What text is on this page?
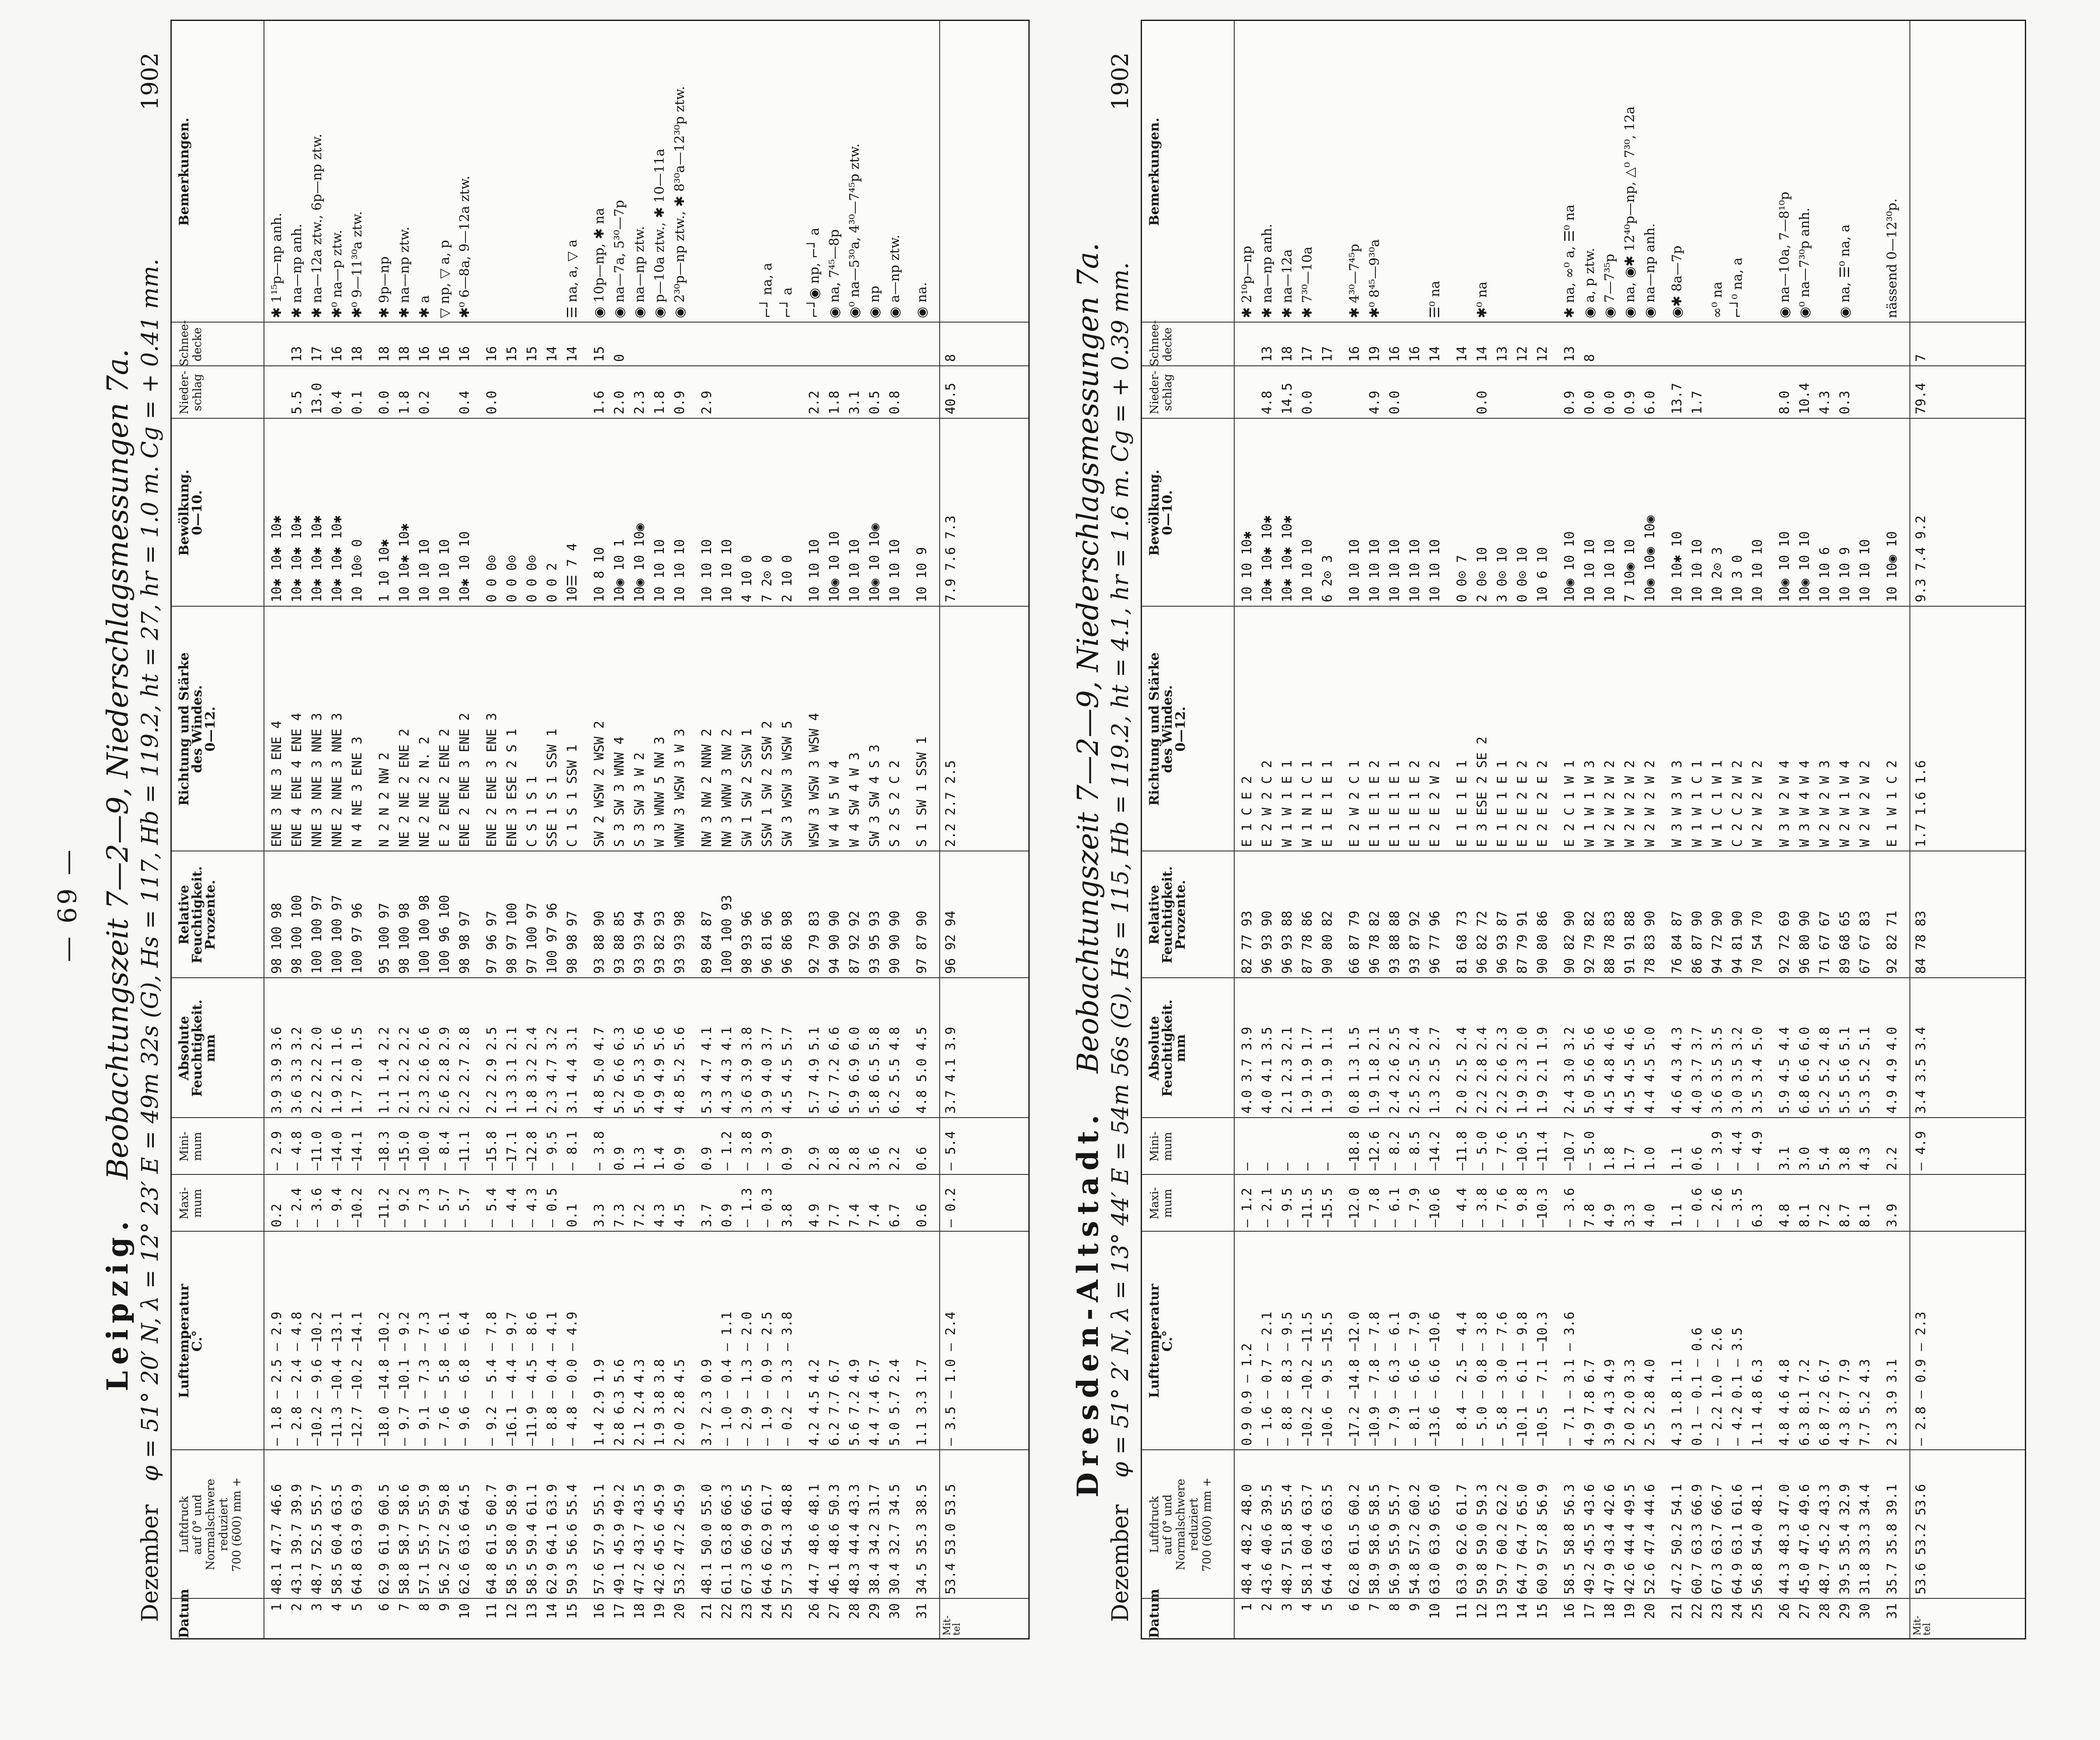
— 69 —
Leipzig. Beobachtungszeit 7—2—9, Niederschlagsmessungen 7a.
Dezember
φ = 51° 20′ N, λ = 12° 23′ E = 49m 32s (G), Hs = 117, Hb = 119.2, ht = 27, hr = 1.0 m. Cg = + 0.41 mm.
1902
Datum
Luftdruck
auf 0° und
Normalschwere
reduziert
700 (600) mm +
Lufttemperatur
C.°
Maxi-
mum
Mini-
mum
Absolute
Feuchtigkeit.
mm
Relative
Feuchtigkeit.
Prozente.
Richtung und Stärke
des Windes.
0—12.
Bewölkung.
0—10.
Nieder-
schlag
Schnee-
decke
Bemerkungen.
1
48.1 47.7 46.6
— 1.8 — 2.5 — 2.9
0.2
— 2.9
3.9 3.9 3.6
98 100 98
ENE 3 NE 3 ENE 4
10✱ 10✱ 10✱
✱ 1¹⁵p—np anh.
2
43.1 39.7 39.9
— 2.8 — 2.4 — 4.8
— 2.4
— 4.8
3.6 3.3 3.2
98 100 100
ENE 4 ENE 4 ENE 4
10✱ 10✱ 10✱
5.5
13
✱ na—np anh.
3
48.7 52.5 55.7
—10.2 — 9.6 —10.2
— 3.6
—11.0
2.2 2.2 2.0
100 100 97
NNE 3 NNE 3 NNE 3
10✱ 10✱ 10✱
13.0
17
✱ na—12a ztw., 6p—np ztw.
4
58.5 60.4 63.5
—11.3 —10.4 —13.1
— 9.4
—14.0
1.9 2.1 1.6
100 100 97
NNE 2 NNE 3 NNE 3
10✱ 10✱ 10✱
0.4
16
✱⁰ na—p ztw.
5
64.8 63.9 63.9
—12.7 —10.2 —14.1
—10.2
—14.1
1.7 2.0 1.5
100 97 96
N 4 NE 3 ENE 3
10 10⊙ 0
0.1
18
✱⁰ 9—11³⁰a ztw.
6
62.9 61.9 60.5
—18.0 —14.8 —10.2
—11.2
—18.3
1.1 1.4 2.2
95 100 97
N 2 N 2 NW 2
1 10 10✱
0.0
18
✱ 9p—np
7
58.8 58.7 58.6
— 9.7 —10.1 — 9.2
— 9.2
—15.0
2.1 2.2 2.2
98 100 98
NE 2 NE 2 ENE 2
10 10✱ 10✱
1.8
18
✱ na—np ztw.
8
57.1 55.7 55.9
— 9.1 — 7.3 — 7.3
— 7.3
—10.0
2.3 2.6 2.6
100 100 98
NE 2 NE 2 N. 2
10 10 10
0.2
16
✱ a
9
56.2 57.2 59.8
— 7.6 — 5.8 — 6.1
— 5.7
— 8.4
2.6 2.8 2.9
100 96 100
E 2 ENE 2 ENE 2
10 10 10
16
▽ np, ▽ a, p
10
62.6 63.6 64.5
— 9.6 — 6.8 — 6.4
— 5.7
—11.1
2.2 2.7 2.8
98 98 97
ENE 2 ENE 3 ENE 2
10✱ 10 10
0.4
16
✱⁰ 6—8a, 9—12a ztw.
11
64.8 61.5 60.7
— 9.2 — 5.4 — 7.8
— 5.4
—15.8
2.2 2.9 2.5
97 96 97
ENE 2 ENE 3 ENE 3
0 0 0⊙
0.0
16
12
58.5 58.0 58.9
—16.1 — 4.4 — 9.7
— 4.4
—17.1
1.3 3.1 2.1
98 97 100
ENE 3 ESE 2 S 1
0 0 0⊙
15
13
58.5 59.4 61.1
—11.9 — 4.5 — 8.6
— 4.3
—12.8
1.8 3.2 2.4
97 100 97
C S 1 S 1
0 0 0⊙
15
14
62.9 64.1 63.9
— 8.8 — 0.4 — 4.1
— 0.5
— 9.5
2.3 4.7 3.2
100 97 96
SSE 1 S 1 SSW 1
0 0 2
14
15
59.3 56.6 55.4
— 4.8 — 0.0 — 4.9
0.1
— 8.1
3.1 4.4 3.1
98 98 97
C 1 S 1 SSW 1
10☰ 7 4
14
☰ na, a, ▽ a
16
57.6 57.9 55.1
1.4 2.9 1.9
3.3
— 3.8
4.8 5.0 4.7
93 88 90
SW 2 WSW 2 WSW 2
10 8 10
1.6
15
◉ 10p—np, ✱ na
17
49.1 45.9 49.2
2.8 6.3 5.6
7.3
0.9
5.2 6.6 6.3
93 88 85
S 3 SW 3 WNW 4
10◉ 10 1
2.0
0
◉ na—7a, 5³⁰—7p
18
47.2 43.7 43.5
2.1 2.4 4.3
7.2
1.3
5.0 5.3 5.6
93 93 94
S 3 SW 3 W 2
10◉ 10 10◉
2.3
◉ na—np ztw.
19
42.6 45.6 45.9
1.9 3.8 3.8
4.3
1.4
4.9 4.9 5.6
93 82 93
W 3 WNW 5 NW 3
10 10 10
1.8
◉ p—10a ztw., ✱ 10—11a
20
53.2 47.2 45.9
2.0 2.8 4.5
4.5
0.9
4.8 5.2 5.6
93 93 98
WNW 3 WSW 3 W 3
10 10 10
0.9
◉ 2³⁰p—np ztw., ✱ 8³⁰a—12³⁰p ztw.
21
48.1 50.0 55.0
3.7 2.3 0.9
3.7
0.9
5.3 4.7 4.1
89 84 87
NW 3 NW 2 NNW 2
10 10 10
2.9
22
61.1 63.8 66.3
— 1.0 — 0.4 — 1.1
0.9
— 1.2
4.3 4.3 4.1
100 100 93
NW 3 WNW 3 NW 2
10 10 10
23
67.3 66.9 66.5
— 2.9 — 1.3 — 2.0
— 1.3
— 3.8
3.6 3.9 3.8
98 93 96
SW 1 SW 2 SSW 1
4 10 0
24
64.6 62.9 61.7
— 1.9 — 0.9 — 2.5
— 0.3
— 3.9
3.9 4.0 3.7
96 81 96
SSW 1 SW 2 SSW 2
7 2⊙ 0
⌐┘ na, a
25
57.3 54.3 48.8
— 0.2 — 3.3 — 3.8
3.8
0.9
4.5 4.5 5.7
96 86 98
SW 3 WSW 3 WSW 5
2 10 0
⌐┘ a
26
44.7 48.6 48.1
4.2 4.5 4.2
4.9
2.9
5.7 4.9 5.1
92 79 83
WSW 3 WSW 3 WSW 4
10 10 10
2.2
⌐┘◉ np, ⌐┘ a
27
46.1 48.6 50.3
6.2 7.7 6.7
7.7
2.8
6.7 7.2 6.6
94 90 90
W 4 W 5 W 4
10◉ 10 10
1.8
◉ na, 7⁴⁵—8p
28
48.3 44.4 43.3
5.6 7.2 4.9
7.4
2.8
5.9 6.9 6.0
87 92 92
W 4 SW 4 W 3
10 10 10
3.1
◉⁰ na—5³⁰a, 4³⁰—7⁴⁵p ztw.
29
38.4 34.2 31.7
4.4 7.4 6.7
7.4
3.6
5.8 6.5 5.8
93 95 93
SW 3 SW 4 S 3
10◉ 10 10◉
0.5
◉ np
30
30.4 32.7 34.5
5.0 5.7 2.4
6.7
2.2
6.2 5.5 4.8
90 90 90
S 2 S 2 C 2
10 10 10
0.8
◉ a—np ztw.
31
34.5 35.3 38.5
1.1 3.3 1.7
0.6
0.6
4.8 5.0 4.5
97 87 90
S 1 SW 1 SSW 1
10 10 9
◉ na.
Mit-
tel
53.4 53.0 53.5
— 3.5 — 1.0 — 2.4
— 0.2
— 5.4
3.7 4.1 3.9
96 92 94
2.2 2.7 2.5
7.9 7.6 7.3
40.5
8
Dresden-Altstadt. Beobachtungszeit 7—2—9, Niederschlagsmessungen 7a.
Dezember
φ = 51° 2′ N, λ = 13° 44′ E = 54m 56s (G), Hs = 115, Hb = 119.2, ht = 4.1, hr = 1.6 m. Cg = + 0.39 mm.
1902
Datum
Luftdruck
auf 0° und
Normalschwere
reduziert
700 (600) mm +
Lufttemperatur
C.°
Maxi-
mum
Mini-
mum
Absolute
Feuchtigkeit.
mm
Relative
Feuchtigkeit.
Prozente.
Richtung und Stärke
des Windes.
0—12.
Bewölkung.
0—10.
Nieder-
schlag
Schnee-
decke
Bemerkungen.
1
48.4 48.2 48.0
0.9 0.9 — 1.2
— 1.2
—
4.0 3.7 3.9
82 77 93
E 1 C E 2
10 10 10✱
✱ 2¹⁰p—np
2
43.6 40.6 39.5
— 1.6 — 0.7 — 2.1
— 2.1
—
4.0 4.1 3.5
96 93 90
E 2 W 2 C 2
10✱ 10✱ 10✱
4.8
13
✱ na—np anh.
3
48.7 51.8 55.4
— 8.8 — 8.3 — 9.5
— 9.5
—
2.1 2.3 2.1
96 93 88
W 1 W 1 E 1
10✱ 10✱ 10✱
14.5
18
✱ na—12a
4
58.1 60.4 63.7
—10.2 —10.2 —11.5
—11.5
—
1.9 1.9 1.7
87 78 86
W 1 N 1 C 1
10 10 10
0.0
17
✱ 7³⁰—10a
5
64.4 63.6 63.5
—10.6 — 9.5 —15.5
—15.5
—
1.9 1.9 1.1
90 80 82
E 1 E 1 E 1
6 2⊙ 3
17
6
62.8 61.5 60.2
—17.2 —14.8 —12.0
—12.0
—18.8
0.8 1.3 1.5
66 87 79
E 2 W 2 C 1
10 10 10
16
✱ 4³⁰—7⁴⁵p
7
58.9 58.6 58.5
—10.9 — 7.8 — 7.8
— 7.8
—12.6
1.9 1.8 2.1
96 78 82
E 1 E 1 E 2
10 10 10
4.9
19
✱⁰ 8⁴⁵—9³⁰a
8
56.9 55.9 55.7
— 7.9 — 6.3 — 6.1
— 6.1
— 8.2
2.4 2.6 2.5
93 88 88
E 1 E 1 E 1
10 10 10
0.0
16
9
54.8 57.2 60.2
— 8.1 — 6.6 — 7.9
— 7.9
— 8.5
2.5 2.5 2.4
93 87 92
E 1 E 1 E 2
10 10 10
16
10
63.0 63.9 65.0
—13.6 — 6.6 —10.6
—10.6
—14.2
1.3 2.5 2.7
96 77 96
E 2 E 2 W 2
10 10 10
14
☰⁰ na
11
63.9 62.6 61.7
— 8.4 — 2.5 — 4.4
— 4.4
—11.8
2.0 2.5 2.4
81 68 73
E 1 E 1 E 1
0 0⊙ 7
14
12
59.8 59.0 59.3
— 5.0 — 0.8 — 3.8
— 3.8
— 5.0
2.2 2.8 2.4
96 82 72
E 3 ESE 2 SE 2
2 0⊙ 10
0.0
14
✱⁰ na
13
59.7 60.2 62.2
— 5.8 — 3.0 — 7.6
— 7.6
— 7.6
2.2 2.6 2.3
96 93 87
E 1 E 1 E 1
3 0⊙ 10
13
14
64.7 64.7 65.0
—10.1 — 6.1 — 9.8
— 9.8
—10.5
1.9 2.3 2.0
87 79 91
E 2 E 2 E 2
0 0⊙ 10
12
15
60.9 57.8 56.9
—10.5 — 7.1 —10.3
—10.3
—11.4
1.9 2.1 1.9
90 80 86
E 2 E 2 E 2
10 6 10
12
16
58.5 58.8 56.3
— 7.1 — 3.1 — 3.6
— 3.6
—10.7
2.4 3.0 3.2
90 82 90
E 2 C 1 W 1
10◉ 10 10
0.9
13
✱ na, ∞⁰ a, ☰⁰ na
17
49.2 45.5 43.6
4.9 7.8 6.7
7.8
— 5.0
5.0 5.6 5.6
92 79 82
W 1 W 1 W 3
10 10 10
0.0
8
◉ a, p ztw.
18
47.9 43.4 42.6
3.9 4.3 4.9
4.9
1.8
4.5 4.8 4.6
88 78 83
W 2 W 2 W 2
10 10 10
0.0
◉ 7—7³⁵p
19
42.6 44.4 49.5
2.0 2.0 3.3
3.3
1.7
4.5 4.5 4.6
91 91 88
W 2 W 2 W 2
7 10◉ 10
0.9
◉ na, ◉✱ 12⁴⁰p—np, △⁰ 7³⁰, 12a
20
52.6 47.4 44.6
2.5 2.8 4.0
4.0
1.0
4.4 4.5 5.0
78 83 90
W 2 W 2 W 2
10◉ 10◉ 10◉
6.0
◉ na—np anh.
21
47.2 50.2 54.1
4.3 1.8 1.1
1.1
1.1
4.6 4.3 4.3
76 84 87
W 3 W 3 W 3
10 10✱ 10
13.7
◉✱ 8a—7p
22
60.7 63.3 66.9
0.1 — 0.1 — 0.6
— 0.6
0.6
4.0 3.7 3.7
86 87 90
W 1 W 1 C 1
10 10 10
1.7
23
67.3 63.7 66.7
— 2.2 1.0 — 2.6
— 2.6
— 3.9
3.6 3.5 3.5
94 72 90
W 1 C 1 W 1
10 2⊙ 3
∞⁰ na
24
64.9 63.1 61.6
— 4.2 0.1 — 3.5
— 3.5
— 4.4
3.0 3.5 3.2
94 81 90
C 2 C 2 W 2
10 3 0
⌐┘⁰ na, a
25
56.8 54.0 48.1
1.1 4.8 6.3
6.3
— 4.9
3.5 3.4 5.0
70 54 70
W 2 W 2 W 2
10 10 10
26
44.3 48.3 47.0
4.8 4.6 4.8
4.8
3.1
5.9 4.5 4.4
92 72 69
W 3 W 2 W 4
10◉ 10 10
8.0
◉ na—10a, 7—8¹⁰p
27
45.0 47.6 49.6
6.3 8.1 7.2
8.1
3.0
6.8 6.6 6.0
96 80 90
W 3 W 4 W 4
10◉ 10 10
10.4
◉⁰ na—7³⁰p anh.
28
48.7 45.2 43.3
6.8 7.2 6.7
7.2
5.4
5.2 5.2 4.8
71 67 67
W 2 W 2 W 3
10 10 6
4.3
29
39.5 35.4 32.9
4.3 8.7 7.9
8.7
3.8
5.5 5.6 5.1
89 68 65
W 2 W 1 W 4
10 10 9
0.3
◉ na, ☰⁰ na, a
30
31.8 33.3 34.4
7.7 5.2 4.3
8.1
4.3
5.3 5.2 5.1
67 67 83
W 2 W 2 W 2
10 10 10
31
35.7 35.8 39.1
2.3 3.9 3.1
3.9
2.2
4.9 4.9 4.0
92 82 71
E 1 W 1 C 2
10 10◉ 10
nässend 0—12³⁰p.
Mit-
tel
53.6 53.2 53.6
— 2.8 — 0.9 — 2.3
— 4.9
3.4 3.5 3.4
84 78 83
1.7 1.6 1.6
9.3 7.4 9.2
79.4
7
